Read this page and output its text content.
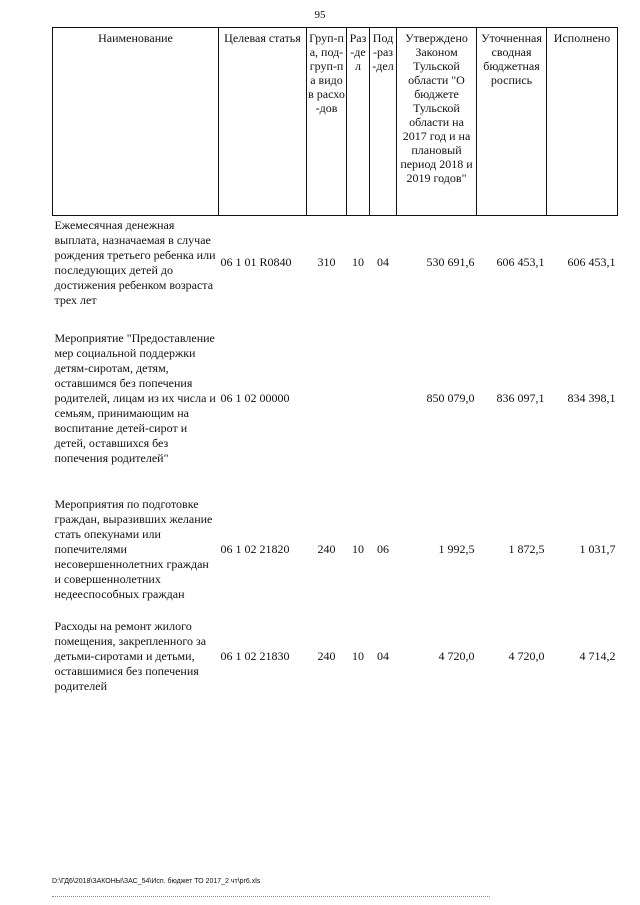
95
Наименование	Целевая статья	Груп-па, под-груп-па видов расхо-дов	Раз-дел	Под-раз-дел	Утверждено Законом Тульской области "О бюджете Тульской области на 2017 год и на плановый период 2018 и 2019 годов"	Уточненная сводная бюджетная роспись	Исполнено
Ежемесячная денежная выплата, назначаемая в случае рождения третьего ребенка или последующих детей до достижения ребенком возраста трех лет	06 1 01 R0840	310	10	04	530 691,6	606 453,1	606 453,1
Мероприятие "Предоставление мер социальной поддержки детям-сиротам, детям, оставшимся без попечения родителей, лицам из их числа и семьям, принимающим на воспитание детей-сирот и детей, оставшихся без попечения родителей"	06 1 02 00000				850 079,0	836 097,1	834 398,1
Мероприятия по подготовке граждан, выразивших желание стать опекунами или попечителями несовершеннолетних граждан и совершеннолетних недееспособных граждан	06 1 02 21820	240	10	06	1 992,5	1 872,5	1 031,7
Расходы на ремонт жилого помещения, закрепленного за детьми-сиротами и детьми, оставшимися без попечения родителей	06 1 02 21830	240	10	04	4 720,0	4 720,0	4 714,2
D:\ГД6\2018\ЗАКОНЫ\ЗАС_54\Исп. бюджет ТО 2017_2 чт\pr6.xls
